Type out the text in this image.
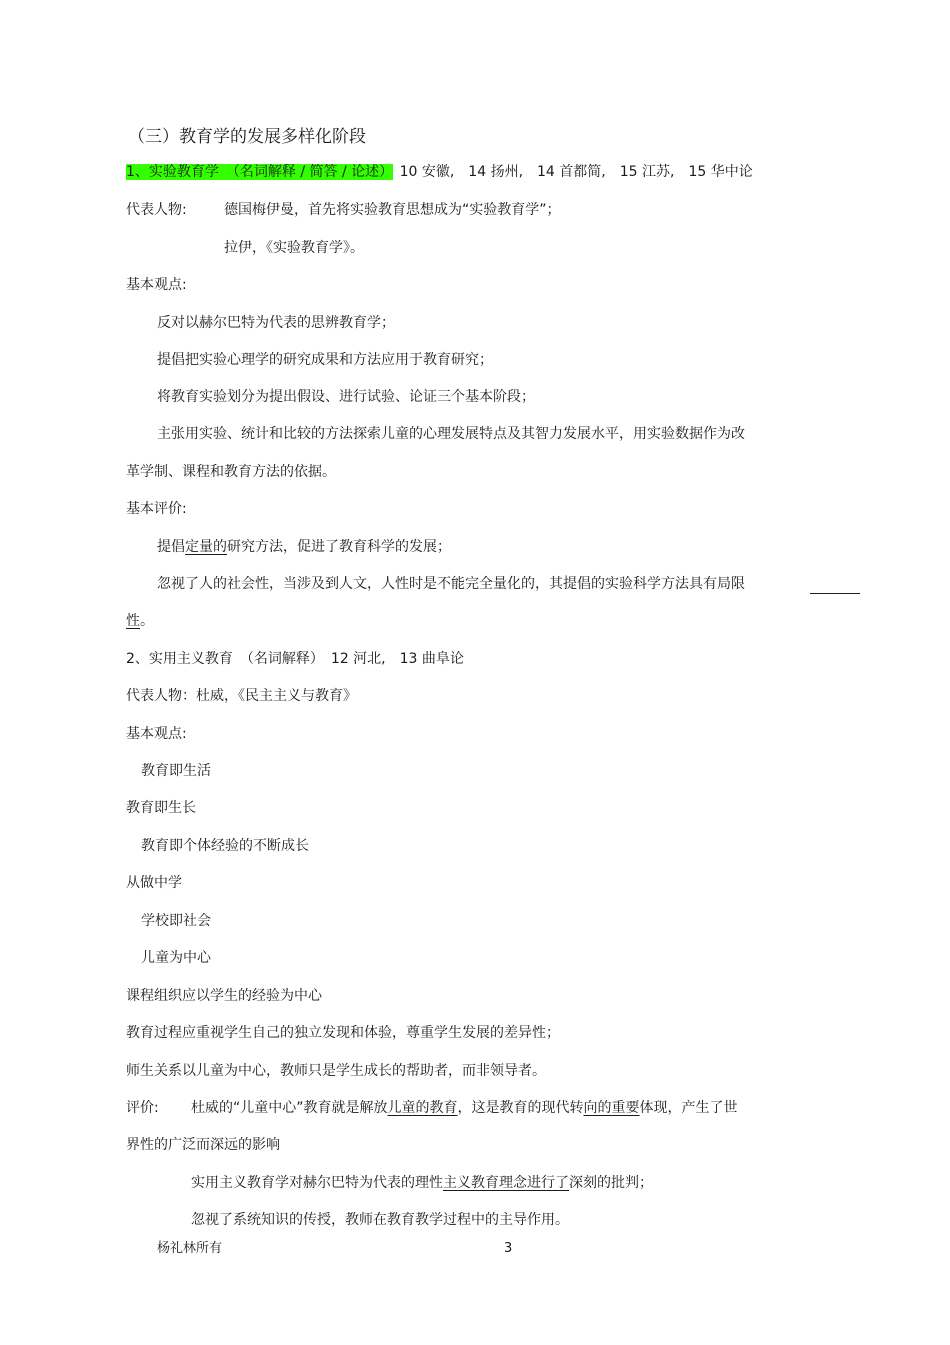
（三）教育学的发展多样化阶段
1、实验教育学　（名词解释 / 简答 / 论述） 10 安徽,　14 扬州,　14 首都简,　15 江苏,　15 华中论
代表人物:	德国梅伊曼，首先将实验教育思想成为“实验教育学”；
拉伊，《实验教育学》。
基本观点:
反对以赫尔巴特为代表的思辨教育学；
提倡把实验心理学的研究成果和方法应用于教育研究；
将教育实验划分为提出假设、进行试验、论证三个基本阶段；
主张用实验、统计和比较的方法探索儿童的心理发展特点及其智力发展水平，用实验数据作为改
革学制、课程和教育方法的依据。
基本评价:
提倡定量的研究方法，促进了教育科学的发展；
忽视了人的社会性，当涉及到人文，人性时是不能完全量化的，其提倡的实验科学方法具有局限
性。
2、实用主义教育　（名词解释）　12 河北,　13 曲阜论
代表人物：杜威，《民主主义与教育》
基本观点:
教育即生活
教育即生长
教育即个体经验的不断成长
从做中学
学校即社会
儿童为中心
课程组织应以学生的经验为中心
教育过程应重视学生自己的独立发现和体验，尊重学生发展的差异性；
师生关系以儿童为中心，教师只是学生成长的帮助者，而非领导者。
评价: 杜威的“儿童中心”教育就是解放儿童的教育，这是教育的现代转向的重要体现，产生了世
界性的广泛而深远的影响
实用主义教育学对赫尔巴特为代表的理性主义教育理念进行了深刻的批判；
忽视了系统知识的传授，教师在教育教学过程中的主导作用。
杨礼林所有	3
